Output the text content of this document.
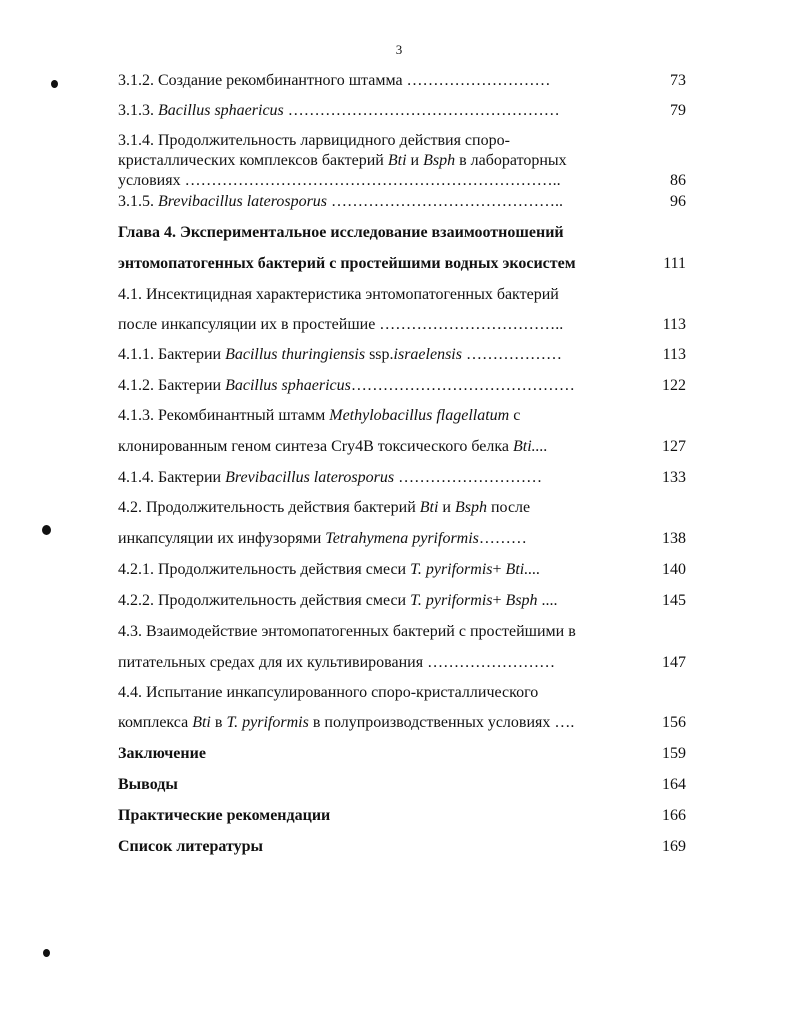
3
3.1.2. Создание рекомбинантного штамма ………………………	73
3.1.3. Bacillus sphaericus ……………………………………………	79
3.1.4. Продолжительность ларвицидного действия споро-
кристаллических комплексов бактерий Bti и Bsph в лабораторных
условиях ……………………………………………………………..	86
3.1.5. Brevibacillus laterosporus ……………………………………..	96
Глава 4. Экспериментальное исследование взаимоотношений
энтомопатогенных бактерий с простейшими водных экосистем	111
4.1. Инсектицидная характеристика энтомопатогенных бактерий
после инкапсуляции их в простейшие ……………………………..	113
4.1.1. Бактерии Bacillus thuringiensis ssp.israelensis ………………	113
4.1.2. Бактерии Bacillus sphaericus……………………………………	122
4.1.3. Рекомбинантный штамм Methylobacillus flagellatum с
клонированным геном синтеза Cry4B токсического белка Bti....	127
4.1.4. Бактерии Brevibacillus laterosporus ………………………	133
4.2. Продолжительность действия бактерий Bti и Bsph после
инкапсуляции их инфузорями Tetrahymena pyriformis………	138
4.2.1. Продолжительность действия смеси T. pyriformis+ Bti....	140
4.2.2. Продолжительность действия смеси T. pyriformis+ Bsph ....	145
4.3. Взаимодействие энтомопатогенных бактерий с простейшими в
питательных средах для их культивирования ……………………	147
4.4. Испытание инкапсулированного споро-кристаллического
комплекса Bti в T. pyriformis в полупроизводственных условиях ….	156
Заключение	159
Выводы	164
Практические рекомендации	166
Список литературы	169
